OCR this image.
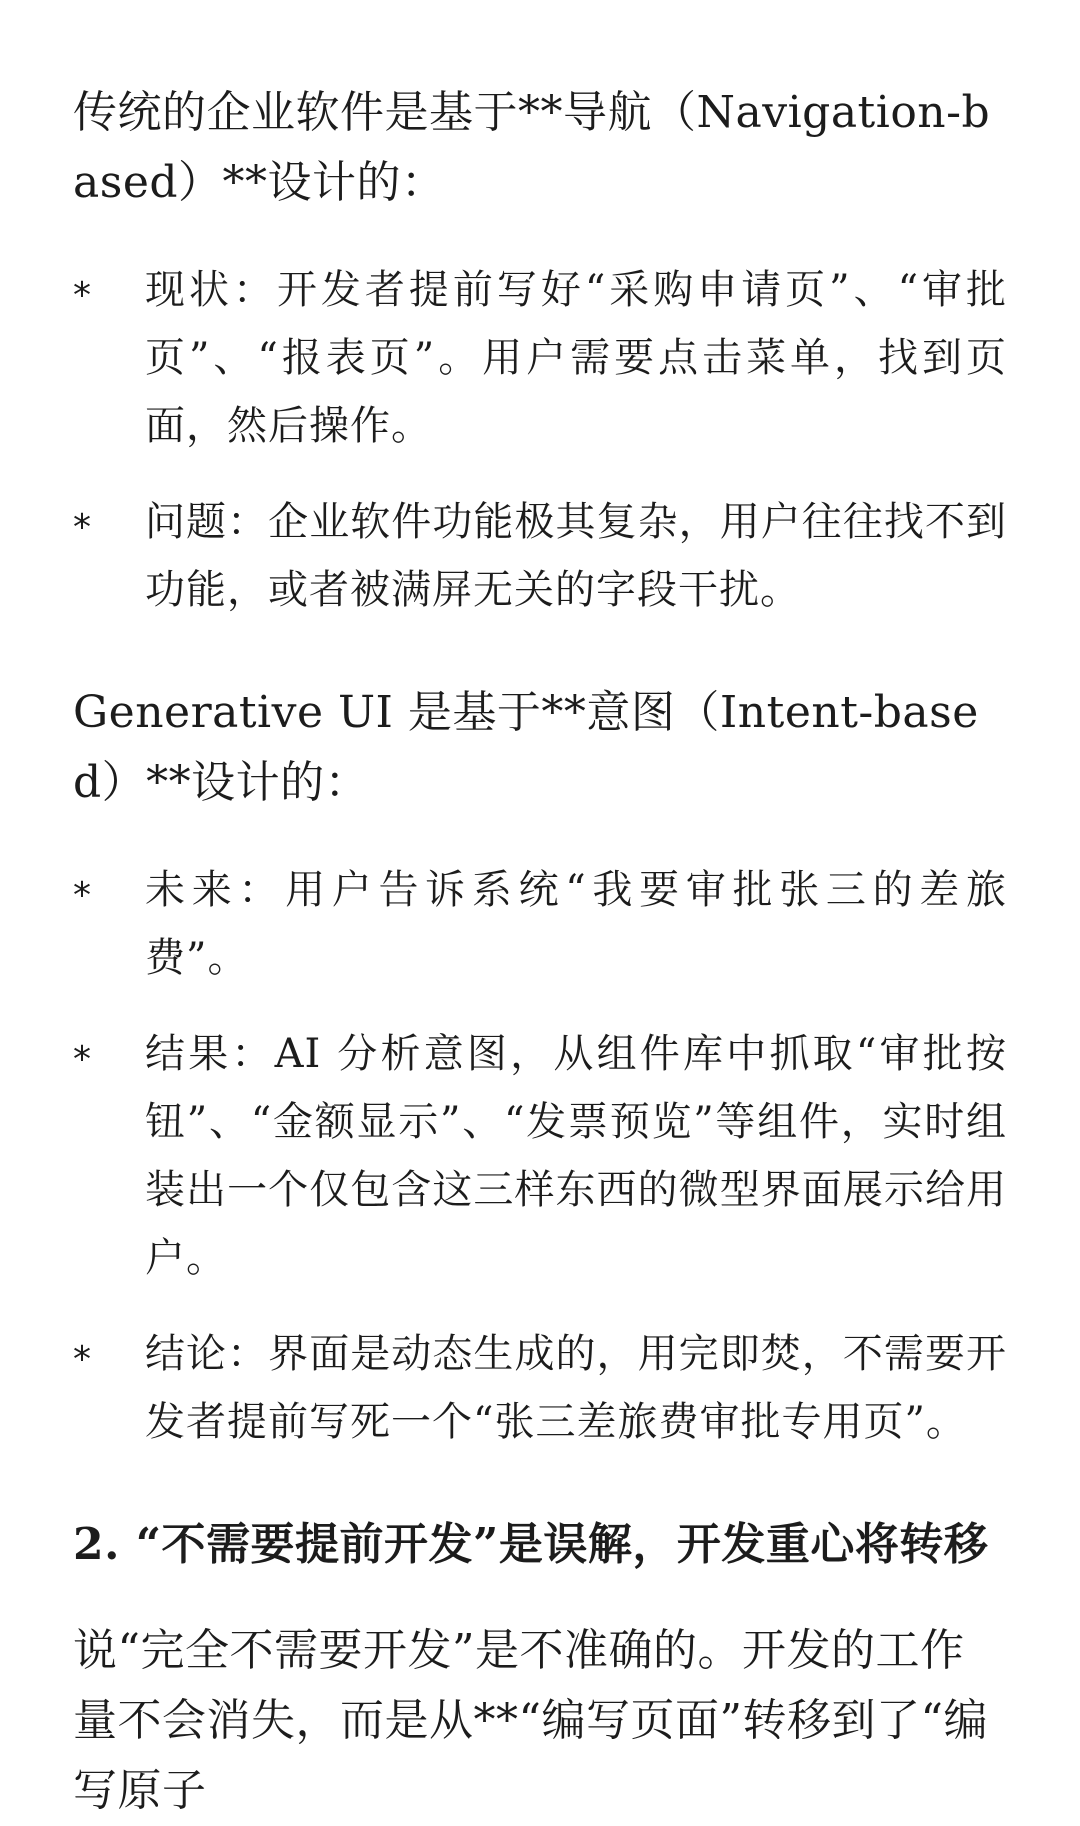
传统的企业软件是基于**导航（Navigation-based）**设计的：

* 现状：开发者提前写好“采购申请页”、“审批页”、“报表页”。用户需要点击菜单，找到页面，然后操作。
* 问题：企业软件功能极其复杂，用户往往找不到功能，或者被满屏无关的字段干扰。

Generative UI 是基于**意图（Intent-based）**设计的：

* 未来：用户告诉系统“我要审批张三的差旅费”。
* 结果：AI 分析意图，从组件库中抓取“审批按钮”、“金额显示”、“发票预览”等组件，实时组装出一个仅包含这三样东西的微型界面展示给用户。
* 结论：界面是动态生成的，用完即焚，不需要开发者提前写死一个“张三差旅费审批专用页”。
2. “不需要提前开发”是误解，开发重心将转移

说“完全不需要开发”是不准确的。开发的工作量不会消失，而是从**“编写页面”转移到了“编写原子
